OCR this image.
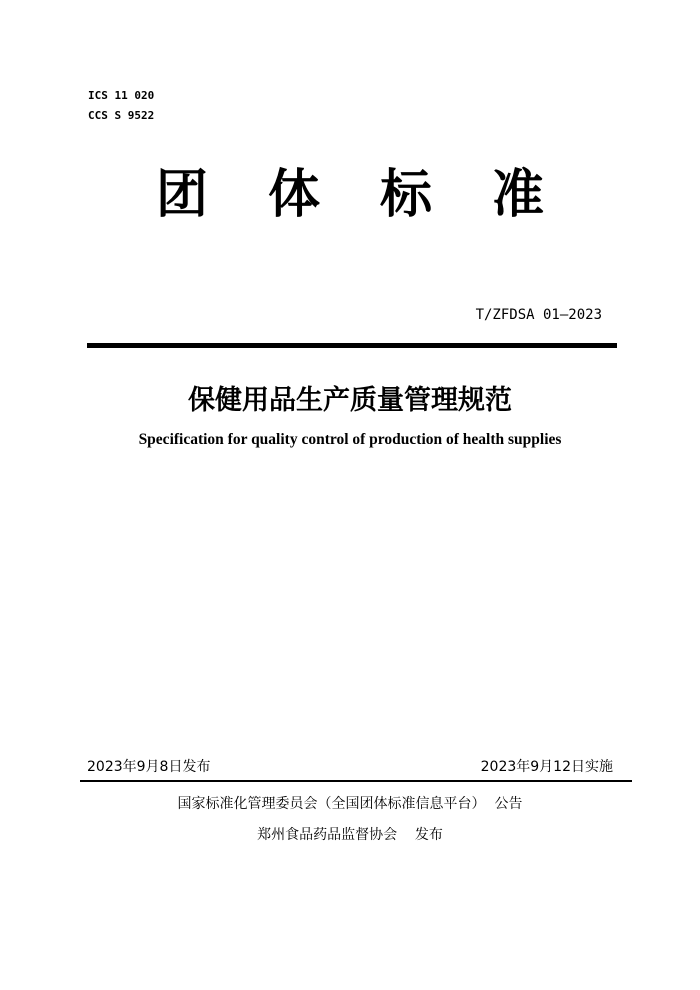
ICS 11 020
CCS S 9522
团 体 标 准
T/ZFDSA 01—2023
保健用品生产质量管理规范
Specification for quality control of production of health supplies
2023年9月8日发布	2023年9月12日实施
国家标准化管理委员会（全国团体标准信息平台）  公告
郑州食品药品监督协会    发布
